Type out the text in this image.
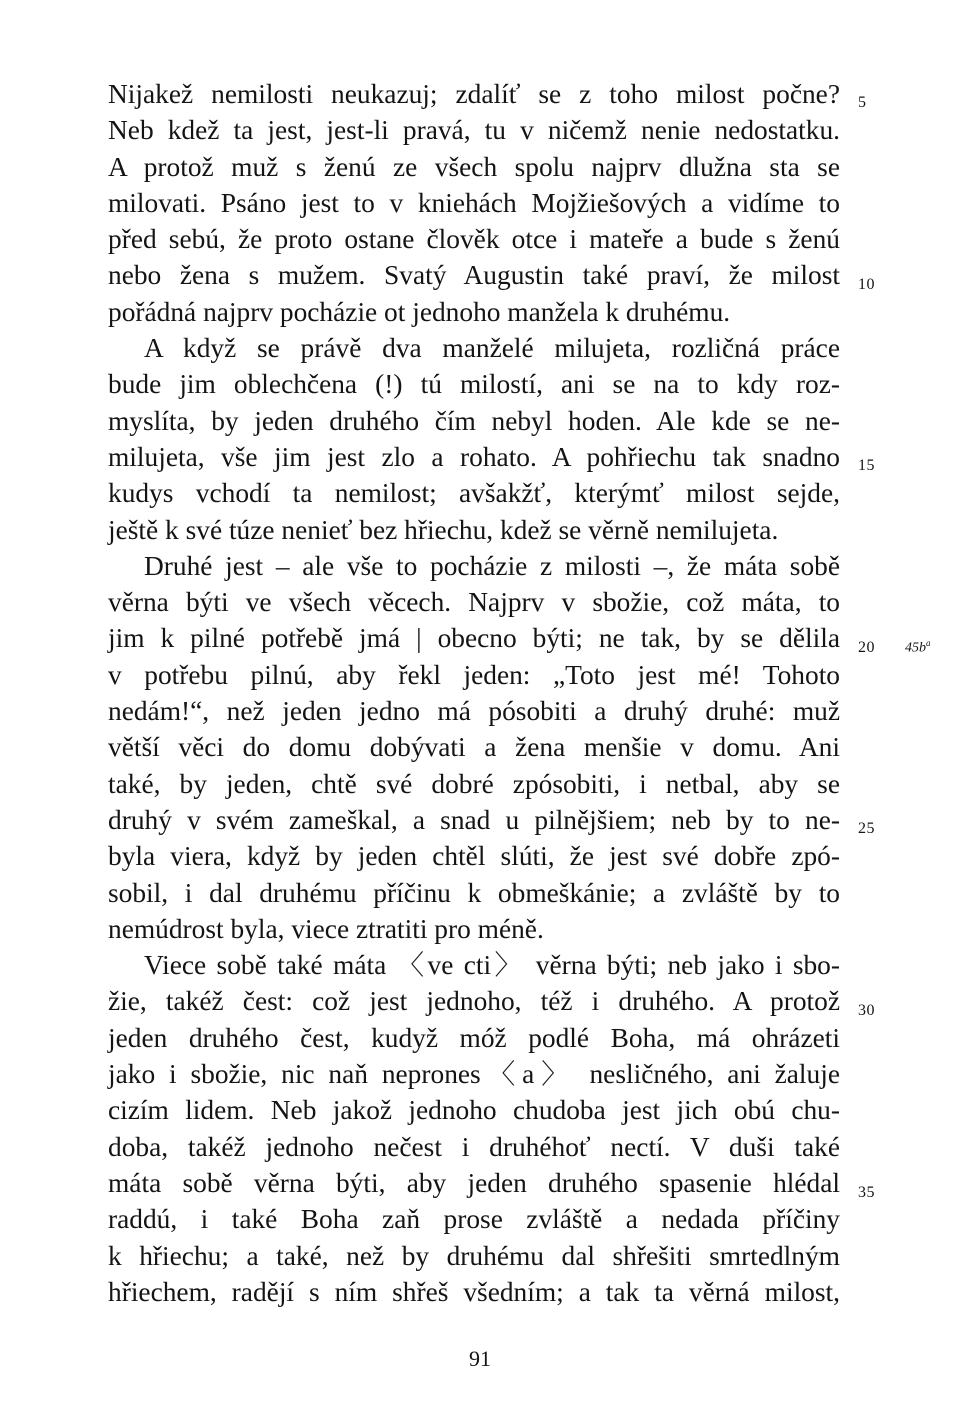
Nijakež nemilosti neukazuj; zdalíť se z toho milost počne?
Neb kdež ta jest, jest-li pravá, tu v ničemž nenie nedostatku.
A protož muž s ženú ze všech spolu najprv dlužna sta se
milovati. Psáno jest to v kniehách Mojžiešových a vidíme to
před sebú, že proto ostane člověk otce i mateře a bude s ženú
nebo žena s mužem. Svatý Augustin také praví, že milost
pořádná najprv pocházie ot jednoho manžela k druhému.
A když se právě dva manželé milujeta, rozličná práce
bude jim oblechčena (!) tú milostí, ani se na to kdy roz-
myslíta, by jeden druhého čím nebyl hoden. Ale kde se ne-
milujeta, vše jim jest zlo a rohato. A pohřiechu tak snadno
kudys vchodí ta nemilost; avšakžť, kterýmť milost sejde,
ještě k své túze nenieť bez hřiechu, kdež se věrně nemilujeta.
Druhé jest – ale vše to pocházie z milosti –, že máta sobě
věrna býti ve všech věcech. Najprv v sbožie, což máta, to
jim k pilné potřebě jmá | obecno býti; ne tak, by se dělila
v potřebu pilnú, aby řekl jeden: „Toto jest mé! Tohoto
nedám!“, než jeden jedno má pósobiti a druhý druhé: muž
větší věci do domu dobývati a žena menšie v domu. Ani
také, by jeden, chtě své dobré zpósobiti, i netbal, aby se
druhý v svém zameškal, a snad u pilnějšiem; neb by to ne-
byla viera, když by jeden chtěl slúti, že jest své dobře zpó-
sobil, i dal druhému příčinu k obmeškánie; a zvláště by to
nemúdrost byla, viece ztratiti pro méně.
Viece sobě také máta 〈ve cti〉 věrna býti; neb jako i sbo-
žie, takéž čest: což jest jednoho, též i druhého. A protož
jeden druhého čest, kudyž móž podlé Boha, má ohrázeti
jako i sbožie, nic naň neprones〈a〉 nesličného, ani žaluje
cizím lidem. Neb jakož jednoho chudoba jest jich obú chu-
doba, takéž jednoho nečest i druhéhoť nectí. V duši také
máta sobě věrna býti, aby jeden druhého spasenie hlédal
raddú, i také Boha zaň prose zvláště a nedada příčiny
k hřiechu; a také, než by druhému dal shřešiti smrtedlným
hřiechem, radějí s ním shřeš všedním; a tak ta věrná milost,
5
10
15
20
25
30
35
$45b^a$
91
